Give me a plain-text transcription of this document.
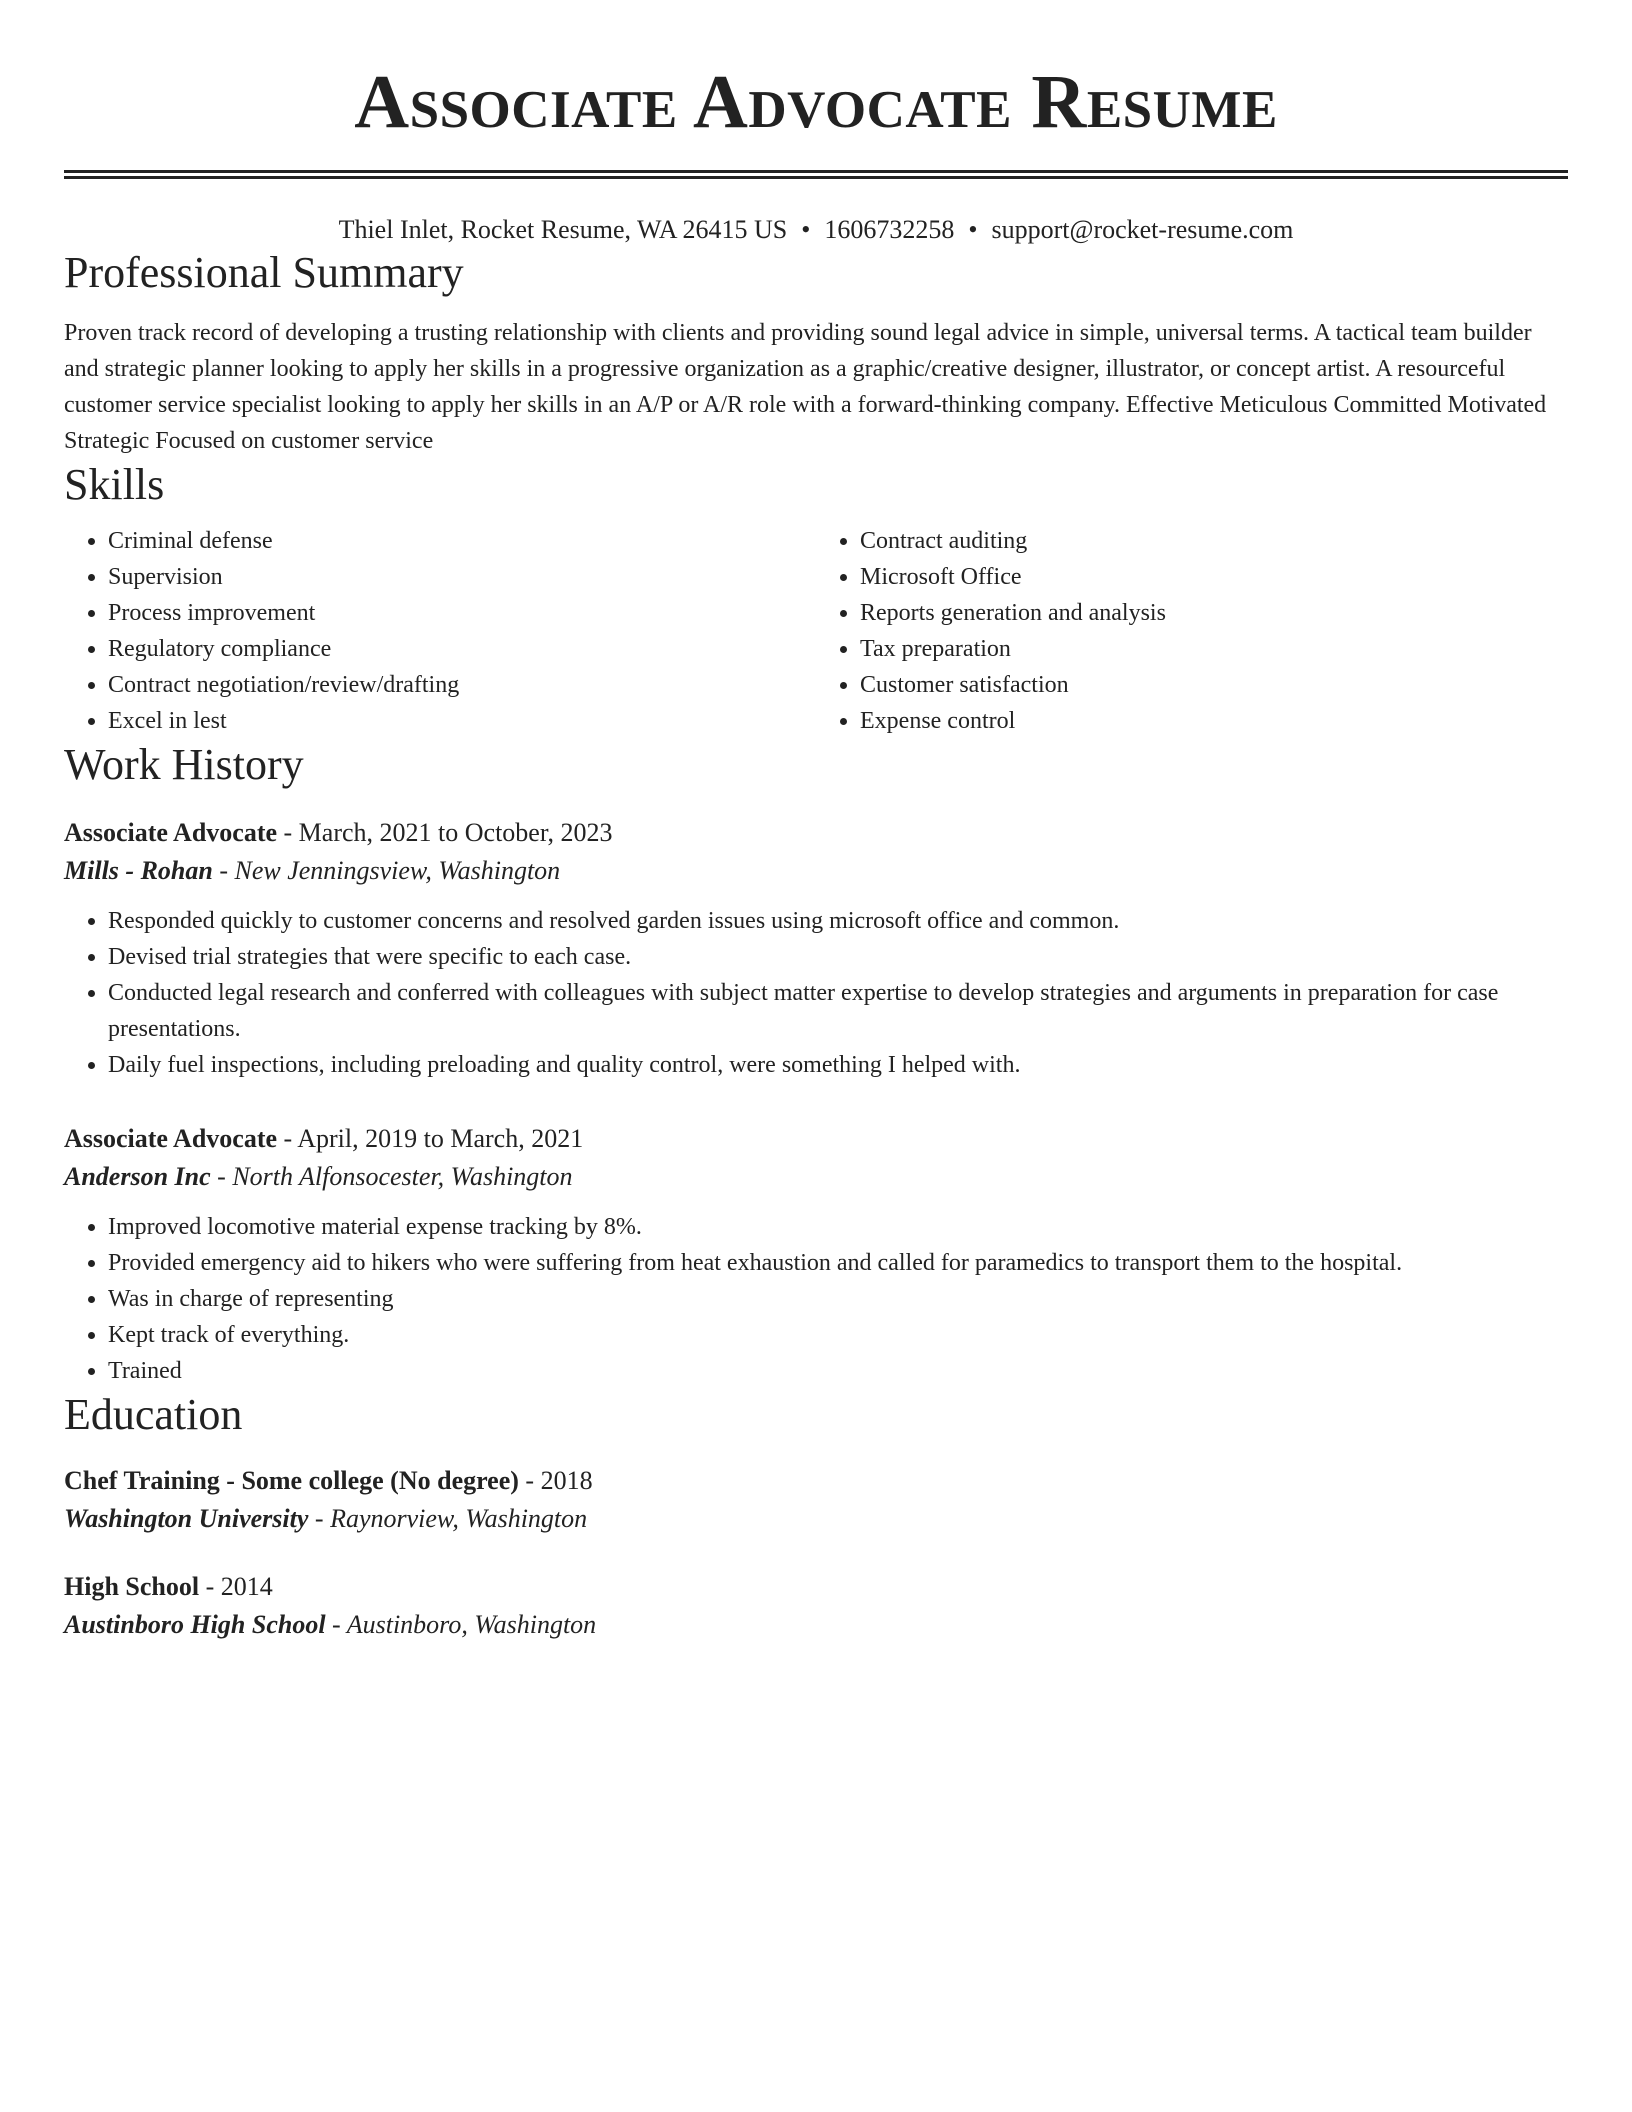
Associate Advocate Resume
Thiel Inlet, Rocket Resume, WA 26415 US • 1606732258 • support@rocket-resume.com
Professional Summary

Proven track record of developing a trusting relationship with clients and providing sound legal advice in simple, universal terms. A tactical team builder and strategic planner looking to apply her skills in a progressive organization as a graphic/creative designer, illustrator, or concept artist. A resourceful customer service specialist looking to apply her skills in an A/P or A/R role with a forward-thinking company. Effective Meticulous Committed Motivated Strategic Focused on customer service

Skills
• Criminal defense
• Supervision
• Process improvement
• Regulatory compliance
• Contract negotiation/review/drafting
• Excel in lest
• Contract auditing
• Microsoft Office
• Reports generation and analysis
• Tax preparation
• Customer satisfaction
• Expense control
Work History
Associate Advocate - March, 2021 to October, 2023
Mills - Rohan - New Jenningsview, Washington
• Responded quickly to customer concerns and resolved garden issues using microsoft office and common.
• Devised trial strategies that were specific to each case.
• Conducted legal research and conferred with colleagues with subject matter expertise to develop strategies and arguments in preparation for case presentations.
• Daily fuel inspections, including preloading and quality control, were something I helped with.
Associate Advocate - April, 2019 to March, 2021
Anderson Inc - North Alfonsocester, Washington
• Improved locomotive material expense tracking by 8%.
• Provided emergency aid to hikers who were suffering from heat exhaustion and called for paramedics to transport them to the hospital.
• Was in charge of representing
• Kept track of everything.
• Trained
Education
Chef Training - Some college (No degree) - 2018
Washington University - Raynorview, Washington
High School - 2014
Austinboro High School - Austinboro, Washington
